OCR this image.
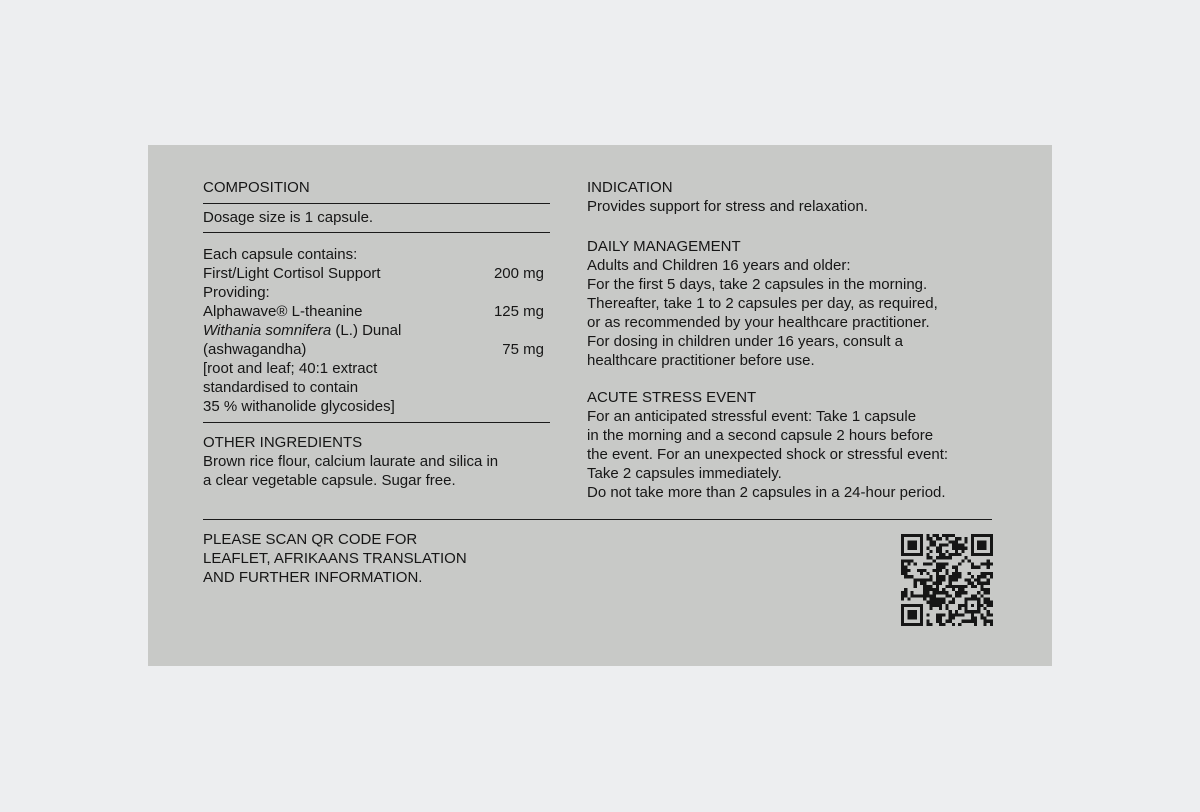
COMPOSITION
Dosage size is 1 capsule.
Each capsule contains:
First/Light Cortisol Support	200 mg
Providing:
Alphawave® L-theanine	125 mg
Withania somnifera (L.) Dunal
(ashwagandha)	75 mg
[root and leaf; 40:1 extract
standardised to contain
35 % withanolide glycosides]
OTHER INGREDIENTS
Brown rice flour, calcium laurate and silica in
a clear vegetable capsule. Sugar free.
INDICATION
Provides support for stress and relaxation.
DAILY MANAGEMENT
Adults and Children 16 years and older:
For the first 5 days, take 2 capsules in the morning.
Thereafter, take 1 to 2 capsules per day, as required,
or as recommended by your healthcare practitioner.
For dosing in children under 16 years, consult a
healthcare practitioner before use.
ACUTE STRESS EVENT
For an anticipated stressful event: Take 1 capsule
in the morning and a second capsule 2 hours before
the event. For an unexpected shock or stressful event:
Take 2 capsules immediately.
Do not take more than 2 capsules in a 24-hour period.
PLEASE SCAN QR CODE FOR
LEAFLET, AFRIKAANS TRANSLATION
AND FURTHER INFORMATION.
